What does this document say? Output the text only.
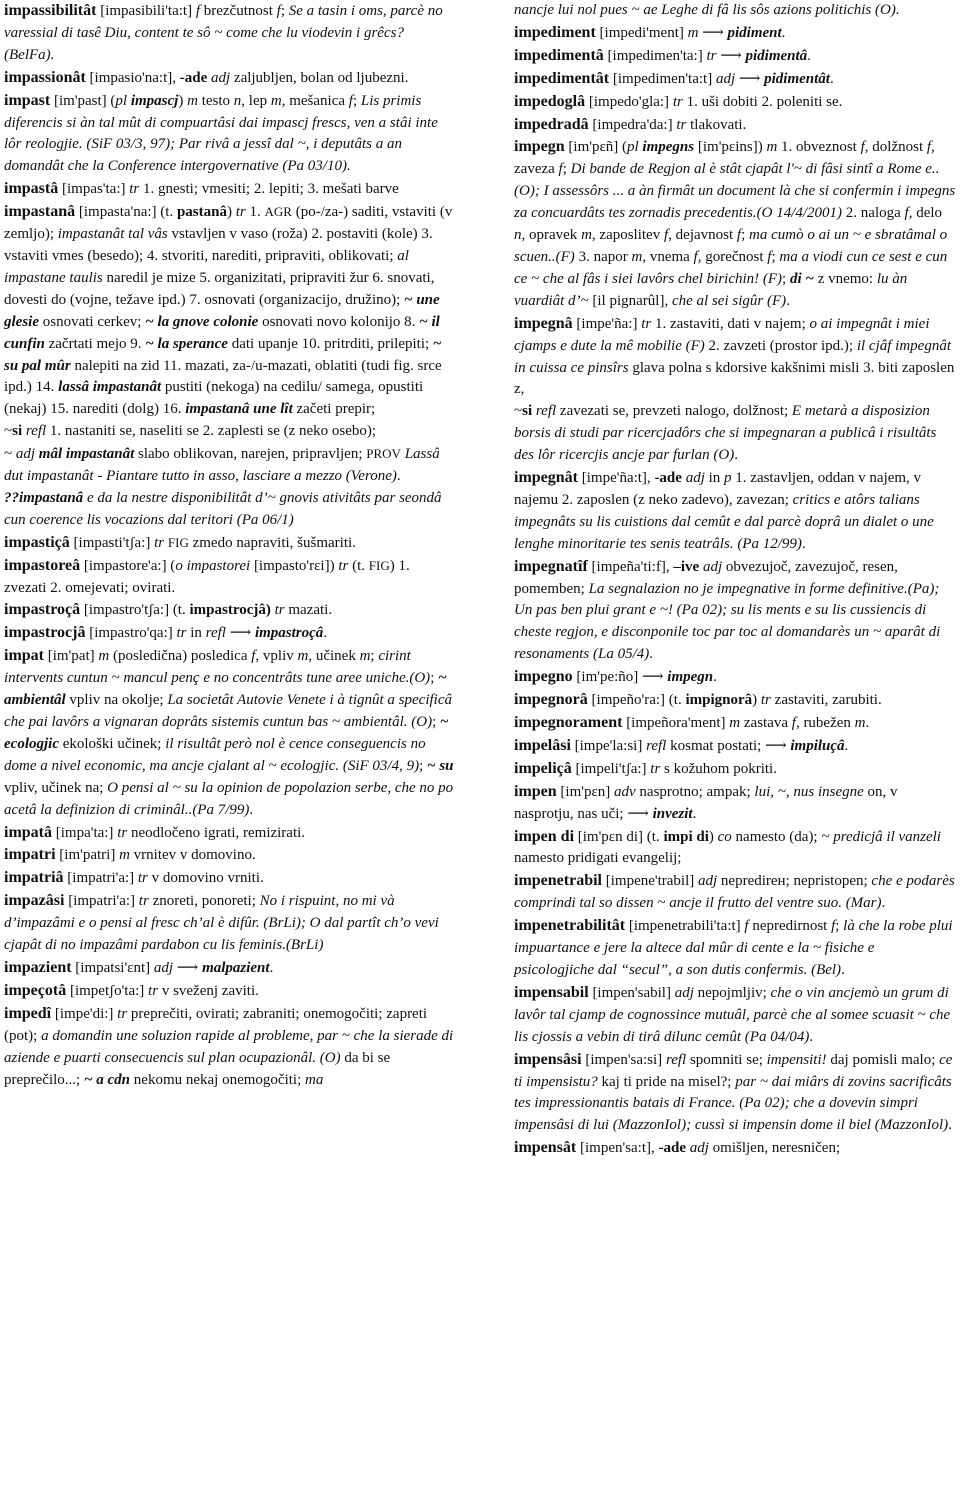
impassibilitât [impasibili'ta:t] f brezčutnost f; Se a tasin i oms, parcè no varessial di tasê Diu, content te sô ~ come che lu viodevin i grêcs? (BelFa).

impassionât [impasio'na:t], -ade adj zaljubljen, bolan od ljubezni.

impast [im'past] (pl impascj) m testo n, lep m, mešanica f; Lis primis diferencis si àn tal mût di compuartâsi dai impascj frescs, ven a stâi inte lôr reologjie. (SiF 03/3, 97); Par rivâ a jessî dal ~, i deputâts a an domandât che la Conference intergovernative (Pa 03/10).

impastâ [impas'ta:] tr 1. gnesti; vmesiti; 2. lepiti; 3. mešati barve

impastanâ [impasta'na:] (t. pastanâ) tr 1. AGR (po-/za-) saditi, vstaviti (v zemljo); impastanât tal vâs vstavljen v vaso (roža) 2. postaviti (kole) 3. vstaviti vmes (besedo); 4. stvoriti, narediti, pripraviti, oblikovati; al impastane taulis naredil je mize 5. organizitati, pripraviti žur 6. snovati, dovesti do (vojne, težave ipd.) 7. osnovati (organizacijo, družino); ~ une glesie osnovati cerkev; ~ la gnove colonie osnovati novo kolonijo 8. ~ il cunfin začrtati mejo 9. ~ la sperance dati upanje 10. pritrditi, prilepiti; ~ su pal mûr nalepiti na zid 11. mazati, za-/u-mazati, oblatiti (tudi fig. srce ipd.) 14. lassâ impastanât pustiti (nekoga) na cedilu/ samega, opustiti (nekaj) 15. narediti (dolg) 16. impastanâ une lît začeti prepir;

~si refl 1. nastaniti se, naseliti se 2. zaplesti se (z neko osebo);

~ adj mâl impastanât slabo oblikovan, narejen, pripravljen; PROV Lassâ dut impastanât - Piantare tutto in asso, lasciare a mezzo (Verone).

??impastanâ e da la nestre disponibilitât d’~ gnovis ativitâts par seondâ cun coerence lis vocazions dal teritori (Pa 06/1)

impastiçâ [impasti'tʃa:] tr FIG zmedo napraviti, šušmariti.

impastoreâ [impastore'a:] (o impastorei [impasto'rɛi]) tr (t. FIG) 1. zvezati 2. omejevati; ovirati.

impastroçâ [impastro'tʃa:] (t. impastrocjâ) tr mazati.

impastrocjâ [impastro'qa:] tr in refl ⟶ impastroçâ.

impat [im'pat] m (posledična) posledica f, vpliv m, učinek m; cirint intervents cuntun ~ mancul penç e no concentrâts tune aree uniche.(O); ~ ambientâl vpliv na okolje; La societât Autovie Venete i à tignût a specificâ che pai lavôrs a vignaran doprâts sistemis cuntun bas ~ ambientâl. (O); ~ ecologjic ekološki učinek; il risultât però nol è cence conseguencis no dome a nivel economic, ma ancje cjalant al ~ ecologjic. (SiF 03/4, 9); ~ su vpliv, učinek na; O pensi al ~ su la opinion de popolazion serbe, che no po acetâ la definizion di criminâl..(Pa 7/99).

impatâ [impa'ta:] tr neodločeno igrati, remizirati.

impatri [im'patri] m vrnitev v domovino.

impatriâ [impatri'a:] tr v domovino vrniti.

impazâsi [impatri'a:] tr znoreti, ponoreti; No i rispuint, no mi và d’impazâmi e o pensi al fresc ch’al è difûr. (BrLi); O dal partît ch’o vevi cjapât di no impazâmi pardabon cu lis feminis.(BrLi)

impazient [impatsi'ɛnt] adj ⟶ malpazient.

impeçotâ [impetʃo'ta:] tr v sveženj zaviti.

impedî [impe'di:] tr preprečiti, ovirati; zabraniti; onemogočiti; zapreti (pot); a domandin une soluzion rapide al probleme, par ~ che la sierade di aziende e puarti consecuencis sul plan ocupazionâl. (O) da bi se preprečilo...; ~ a cdn nekomu nekaj onemogočiti; ma

nancje lui nol pues ~ ae Leghe di fâ lis sôs azions politichis (O).

impediment [impedi'ment] m ⟶ pidiment.

impedimentâ [impedimen'ta:] tr ⟶ pidimentâ.

impedimentât [impedimen'ta:t] adj ⟶ pidimentât.

impedoglâ [impedo'gla:] tr 1. uši dobiti 2. poleniti se.

impedradâ [impedra'da:] tr tlakovati.

impegn [im'pɛñ] (pl impegns [im'pɛins]) m 1. obveznost f, dolžnost f, zaveza f; Di bande de Regjon al è stât cjapât l'~ di fâsi sintî a Rome e..(O); I assessôrs ... a àn firmât un document là che si confermin i impegns za concuardâts tes zornadis precedentis.(O 14/4/2001) 2. naloga f, delo n, opravek m, zaposlitev f, dejavnost f; ma cumò o ai un ~ e sbratâmal o scuen..(F) 3. napor m, vnema f, gorečnost f; ma a viodi cun ce sest e cun ce ~ che al fâs i siei lavôrs chel birichin! (F); di ~ z vnemo: lu àn vuardiât d’~ [il pignarûl], che al sei sigûr (F).

impegnâ [impe'ña:] tr 1. zastaviti, dati v najem; o ai impegnât i miei cjamps e dute la mê mobilie (F) 2. zavzeti (prostor ipd.); il cjâf impegnât in cuissa ce pinsîrs glava polna s kdorsive kakšnimi misli 3. biti zaposlen z,

~si refl zavezati se, prevzeti nalogo, dolžnost; E metarà a disposizion borsis di studi par ricercjadôrs che si impegnaran a publicâ i risultâts des lôr ricercjis ancje par furlan (O).

impegnât [impe'ña:t], -ade adj in p 1. zastavljen, oddan v najem, v najemu 2. zaposlen (z neko zadevo), zavezan; critics e atôrs talians impegnâts su lis cuistions dal cemût e dal parcè doprâ un dialet o une lenghe minoritarie tes senis teatrâls. (Pa 12/99).

impegnatîf [impeña'ti:f], –ive adj obvezujoč, zavezujoč, resen, pomemben; La segnalazion no je impegnative in forme definitive.(Pa); Un pas ben plui grant e ~! (Pa 02); su lis ments e su lis cussiencis di cheste regjon, e disconponile toc par toc al domandarès un ~ aparât di resonaments (La 05/4).

impegno [im'pe:ño] ⟶ impegn.

impegnorâ [impeño'ra:] (t. impignorâ) tr zastaviti, zarubiti.

impegnorament [impeñora'ment] m zastava f, rubežen m.

impelâsi [impe'la:si] refl kosmat postati; ⟶ impiluçâ.

impeliçâ [impeli'tʃa:] tr s kožuhom pokriti.

impen [im'pɛn] adv nasprotno; ampak; lui, ~, nus insegne on, v nasprotju, nas uči; ⟶ invezit.

impen di [im'pɛn di] (t. impi di) co namesto (da); ~ predicjâ il vanzeli namesto pridigati evangelij;

impenetrabil [impene'trabil] adj nepredirен; nepristopen; che e podarès comprindi tal so dissen ~ ancje il frutto del ventre suo. (Mar).

impenetrabilitât [impenetrabili'ta:t] f nepredirnost f; là che la robe plui impuartance e jere la altece dal mûr di cente e la ~ fisiche e psicologjiche dal “secul”, a son dutis confermis. (Bel).

impensabil [impen'sabil] adj nepojmljiv; che o vin ancjemò un grum di lavôr tal cjamp de cognossince mutuâl, parcè che al somee scuasit ~ che lis cjossis a vebin di tirâ dilunc cemût (Pa 04/04).

impensâsi [impen'sa:si] refl spomniti se; impensiti! daj pomisli malo; ce ti impensistu? kaj ti pride na misel?; par ~ dai miârs di zovins sacrificâts tes impressionantis batais di France. (Pa 02); che a dovevin simpri impensâsi di lui (MazzonIol); cussì si impensin dome il biel (MazzonIol).

impensât [impen'sa:t], -ade adj omišljen, neresničen;
